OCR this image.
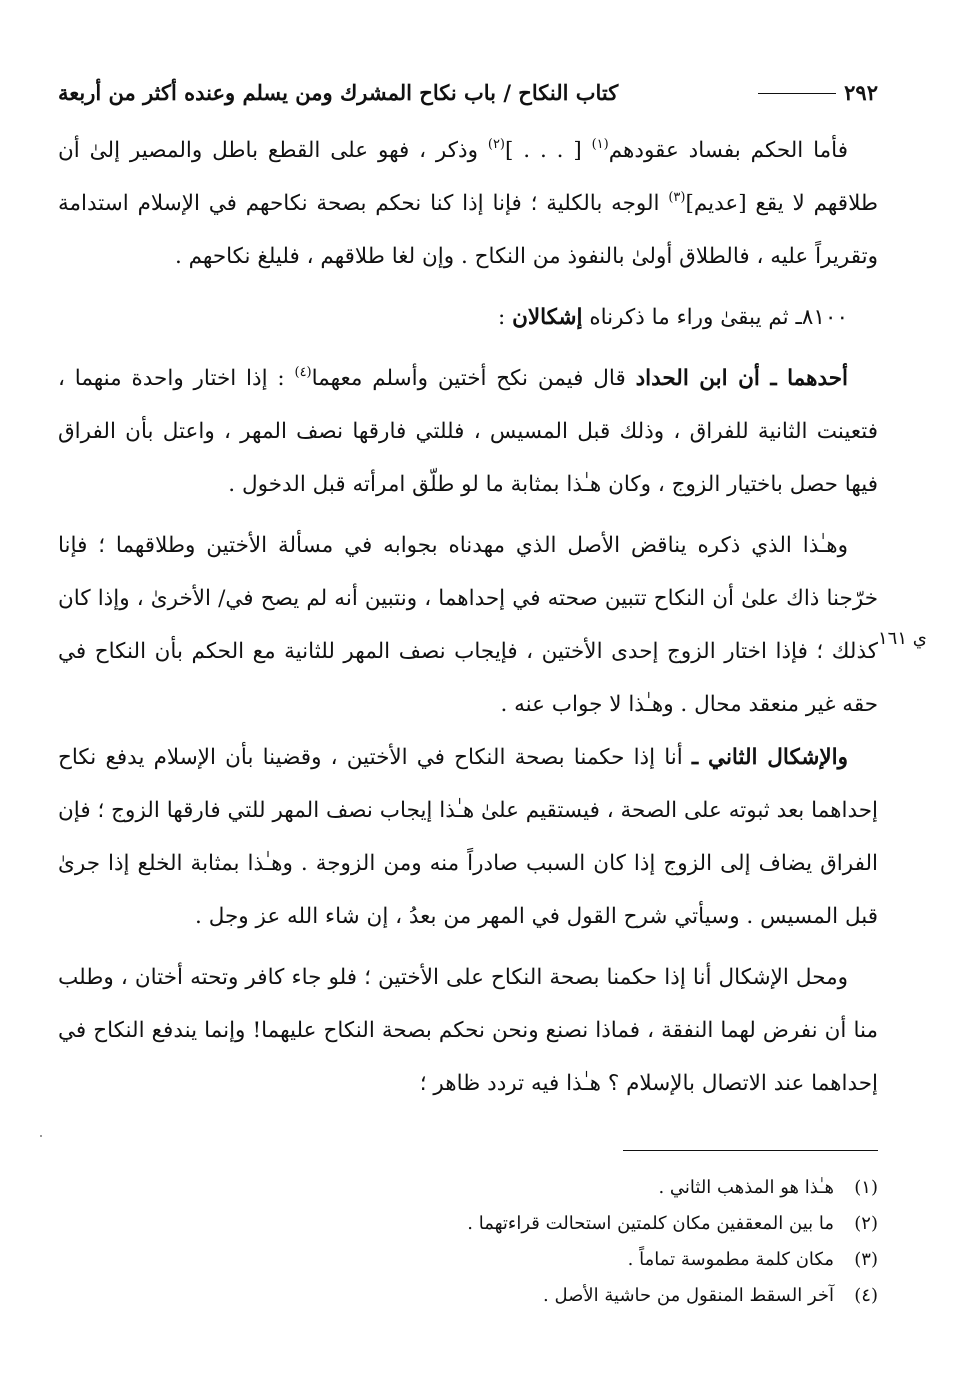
٢٩٢
كتاب النكاح / باب نكاح المشرك ومن يسلم وعنده أكثر من أربعة

فأما الحكم بفساد عقودهم$^{(١)}$ [ . . . ]$^{(٢)}$ وذكر ، فهو على القطع باطل والمصير إلىٰ أن طلاقهم لا يقع [عديم]$^{(٣)}$ الوجه بالكلية ؛ فإنا إذا كنا نحكم بصحة نكاحهم في الإسلام استدامة وتقريراً عليه ، فالطلاق أولىٰ بالنفوذ من النكاح . وإن لغا طلاقهم ، فليلغ نكاحهم .

٨١٠٠ـ ثم يبقىٰ وراء ما ذكرناه إشكالان :

أحدهما ـ أن ابن الحداد قال فيمن نكح أختين وأسلم معهما$^{(٤)}$ : إذا اختار واحدة منهما ، فتعينت الثانية للفراق ، وذلك قبل المسيس ، فللتي فارقها نصف المهر ، واعتل بأن الفراق فيها حصل باختيار الزوج ، وكان هـٰذا بمثابة ما لو طلّق امرأته قبل الدخول .

وهـٰذا الذي ذكره يناقض الأصل الذي مهدناه بجوابه في مسألة الأختين وطلاقهما ؛ فإنا خرّجنا ذاك علىٰ أن النكاح تتبين صحته في إحداهما ، ونتبين أنه لم يصح في/ الأخرىٰ ، وإذا كان كذلك ؛ فإذا اختار الزوج إحدى الأختين ، فإيجاب نصف المهر للثانية مع الحكم بأن النكاح في حقه غير منعقد محال . وهـٰذا لا جواب عنه .

والإشكال الثاني ـ أنا إذا حكمنا بصحة النكاح في الأختين ، وقضينا بأن الإسلام يدفع نكاح إحداهما بعد ثبوته على الصحة ، فيستقيم علىٰ هـٰذا إيجاب نصف المهر للتي فارقها الزوج ؛ فإن الفراق يضاف إلى الزوج إذا كان السبب صادراً منه ومن الزوجة . وهـٰذا بمثابة الخلع إذا جرىٰ قبل المسيس . وسيأتي شرح القول في المهر من بعدُ ، إن شاء الله عز وجل .

ومحل الإشكال أنا إذا حكمنا بصحة النكاح على الأختين ؛ فلو جاء كافر وتحته أختان ، وطلب منا أن نفرض لهما النفقة ، فماذا نصنع ونحن نحكم بصحة النكاح عليهما! وإنما يندفع النكاح في إحداهما عند الاتصال بالإسلام ؟ هـٰذا فيه تردد ظاهر ؛

(١)
هـٰذا هو المذهب الثاني .
(٢)
ما بين المعقفين مكان كلمتين استحالت قراءتهما .
(٣)
مكان كلمة مطموسة تماماً .
(٤)
آخر السقط المنقول من حاشية الأصل .
ي ١٦١
